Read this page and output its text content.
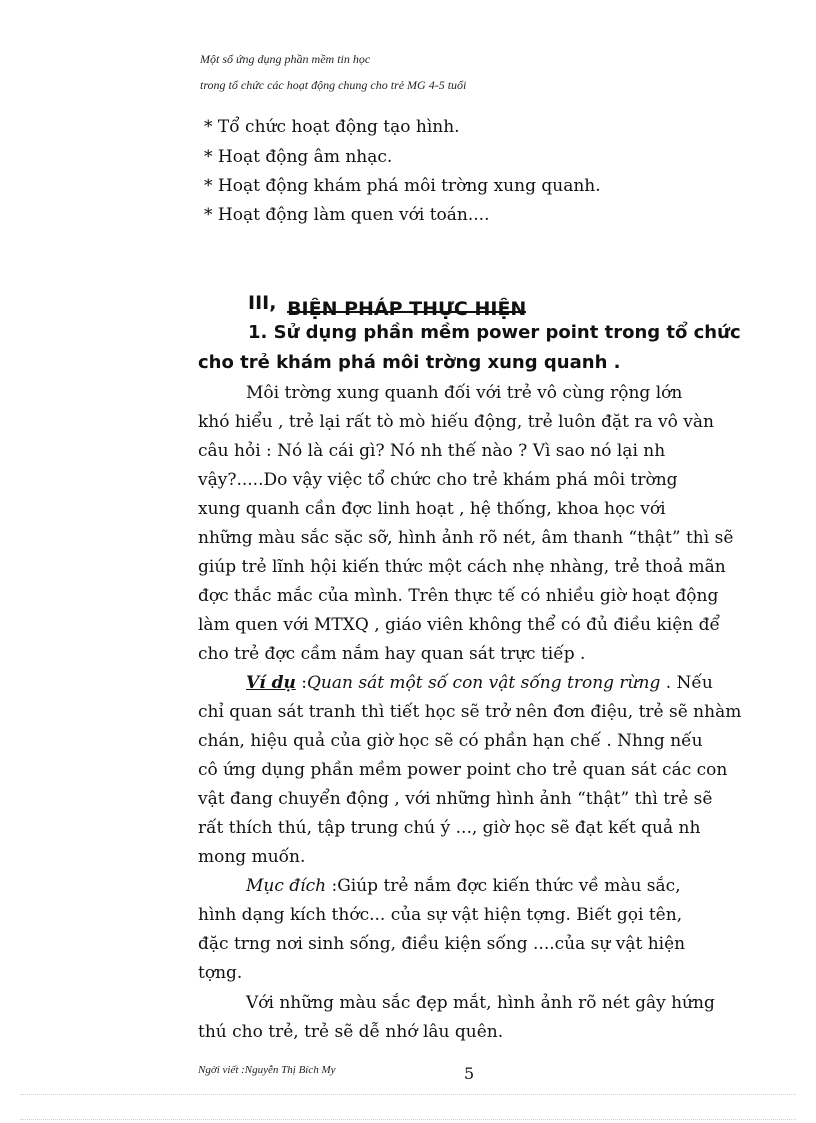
Một số ứng dụng phần mềm tin học
trong tổ chức các hoạt động chung cho trẻ MG 4-5 tuổi
* Tổ chức hoạt động tạo hình.
* Hoạt động âm nhạc.
* Hoạt động khám phá môi trờng xung quanh.
* Hoạt động làm quen với toán....
III, BIỆN PHÁP THỰC HIỆN
1. Sử dụng phần mềm power point trong tổ chức
cho trẻ khám phá môi trờng xung quanh .
Môi trờng xung quanh đối với trẻ vô cùng rộng lớn
khó hiểu , trẻ lại rất tò mò hiếu động, trẻ luôn đặt ra vô vàn
câu hỏi : Nó là cái gì? Nó nh thế nào ? Vì sao nó lại nh
vậy?.....Do vậy việc tổ chức cho trẻ khám phá môi trờng
xung quanh cần đợc linh hoạt , hệ thống, khoa học với
những màu sắc sặc sỡ, hình ảnh rõ nét, âm thanh “thật” thì sẽ
giúp trẻ lĩnh hội kiến thức một cách nhẹ nhàng, trẻ thoả mãn
đợc thắc mắc của mình. Trên thực tế có nhiều giờ hoạt động
làm quen với MTXQ , giáo viên không thể có đủ điều kiện để
cho trẻ đợc cầm nắm hay quan sát trực tiếp .
Ví dụ :Quan sát một số con vật sống trong rừng . Nếu
chỉ quan sát tranh thì tiết học sẽ trở nên đơn điệu, trẻ sẽ nhàm
chán, hiệu quả của giờ học sẽ có phần hạn chế . Nhng nếu
cô ứng dụng phần mềm power point cho trẻ quan sát các con
vật đang chuyển động , với những hình ảnh “thật” thì trẻ sẽ
rất thích thú, tập trung chú ý ..., giờ học sẽ đạt kết quả nh
mong muốn.
Mục đích :Giúp trẻ nắm đợc kiến thức về màu sắc,
hình dạng kích thớc... của sự vật hiện tợng. Biết gọi tên,
đặc trng nơi sinh sống, điều kiện sống ....của sự vật hiện
tợng.
Với những màu sắc đẹp mắt, hình ảnh rõ nét gây hứng
thú cho trẻ, trẻ sẽ dễ nhớ lâu quên.
Ngời viết :Nguyễn Thị Bích My	5
